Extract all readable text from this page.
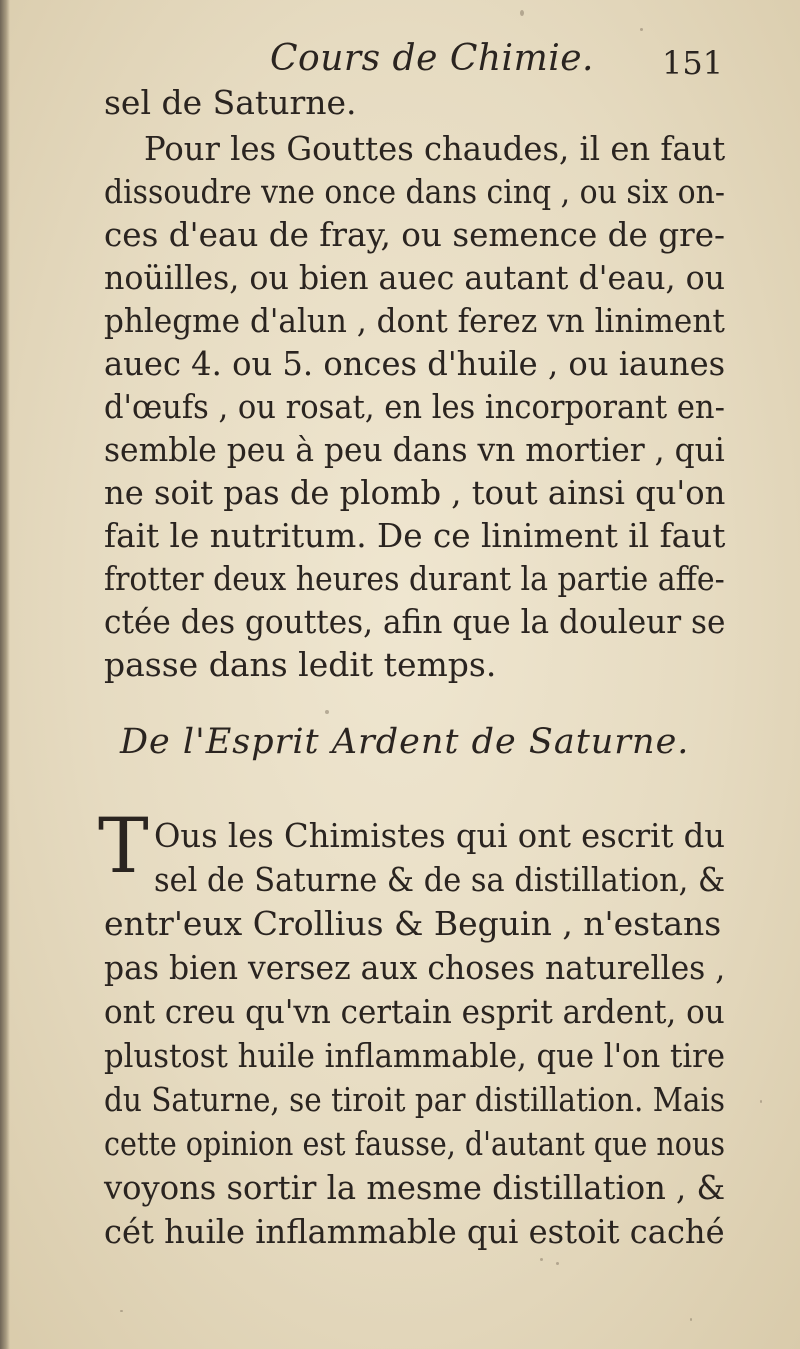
Cours de Chimie. 151
sel de Saturne.
Pour les Gouttes chaudes, il en faut
dissoudre vne once dans cinq , ou six on-
ces d'eau de fray, ou semence de gre-
noüilles, ou bien auec autant d'eau, ou
phlegme d'alun , dont ferez vn liniment
auec 4. ou 5. onces d'huile , ou iaunes
d'œufs , ou rosat, en les incorporant en-
semble peu à peu dans vn mortier , qui
ne soit pas de plomb , tout ainsi qu'on
fait le nutritum. De ce liniment il faut
frotter deux heures durant la partie affe-
ctée des gouttes, afin que la douleur se
passe dans ledit temps.
De l'Esprit Ardent de Saturne.
T Ous les Chimistes qui ont escrit du
sel de Saturne & de sa distillation, &
entr'eux Crollius & Beguin , n'estans
pas bien versez aux choses naturelles ,
ont creu qu'vn certain esprit ardent, ou
plustost huile inflammable, que l'on tire
du Saturne, se tiroit par distillation. Mais
cette opinion est fausse, d'autant que nous
voyons sortir la mesme distillation , &
cét huile inflammable qui estoit caché
